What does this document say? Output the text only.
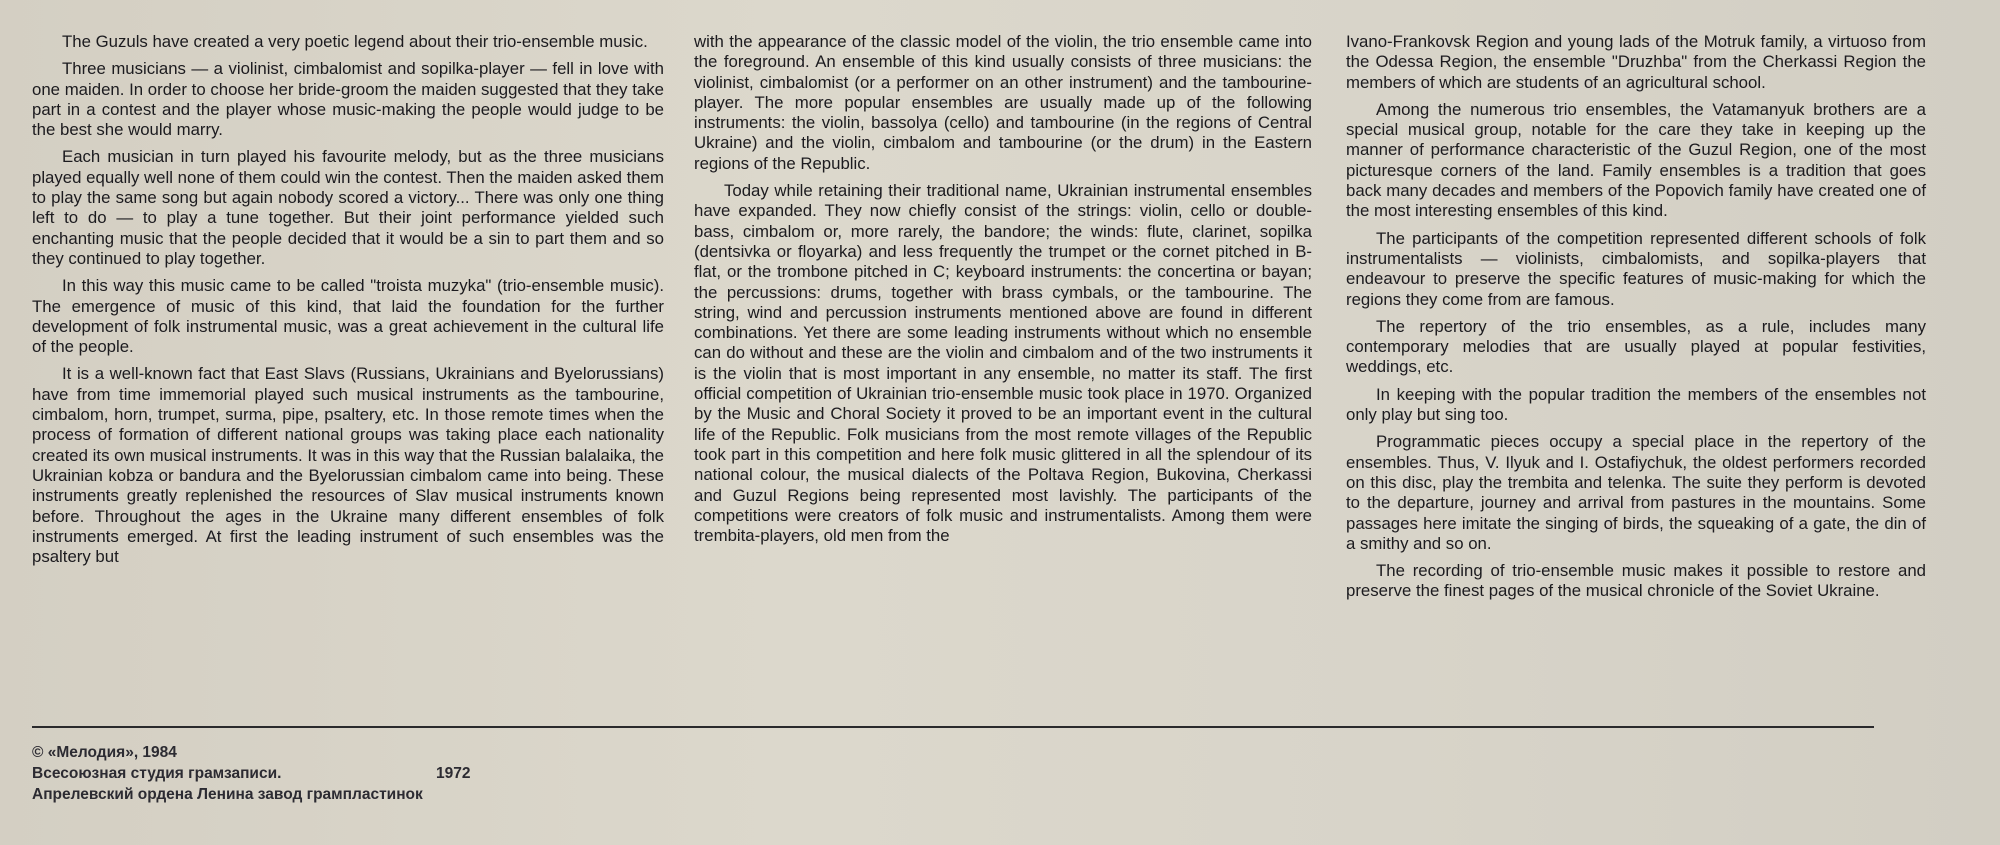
The Guzuls have created a very poetic legend about their trio-ensemble music.

Three musicians — a violinist, cimbalomist and sopilka-player — fell in love with one maiden. In order to choose her bride-groom the maiden suggested that they take part in a contest and the player whose music-making the people would judge to be the best she would marry.

Each musician in turn played his favourite melody, but as the three musicians played equally well none of them could win the contest. Then the maiden asked them to play the same song but again nobody scored a victory... There was only one thing left to do — to play a tune together. But their joint performance yielded such enchanting music that the people decided that it would be a sin to part them and so they continued to play together.

In this way this music came to be called "troista muzyka" (trio-ensemble music). The emergence of music of this kind, that laid the foundation for the further development of folk instrumental music, was a great achievement in the cultural life of the people.

It is a well-known fact that East Slavs (Russians, Ukrainians and Byelorussians) have from time immemorial played such musical instruments as the tambourine, cimbalom, horn, trumpet, surma, pipe, psaltery, etc. In those remote times when the process of formation of different national groups was taking place each nationality created its own musical instruments. It was in this way that the Russian balalaika, the Ukrainian kobza or bandura and the Byelorussian cimbalom came into being. These instruments greatly replenished the resources of Slav musical instruments known before. Throughout the ages in the Ukraine many different ensembles of folk instruments emerged. At first the leading instrument of such ensembles was the psaltery but

with the appearance of the classic model of the violin, the trio ensemble came into the foreground. An ensemble of this kind usually consists of three musicians: the violinist, cimbalomist (or a performer on an other instrument) and the tambourine-player. The more popular ensembles are usually made up of the following instruments: the violin, bassolya (cello) and tambourine (in the regions of Central Ukraine) and the violin, cimbalom and tambourine (or the drum) in the Eastern regions of the Republic.

Today while retaining their traditional name, Ukrainian instrumental ensembles have expanded. They now chiefly consist of the strings: violin, cello or double-bass, cimbalom or, more rarely, the bandore; the winds: flute, clarinet, sopilka (dentsivka or floyarka) and less frequently the trumpet or the cornet pitched in B-flat, or the trombone pitched in C; keyboard instruments: the concertina or bayan; the percussions: drums, together with brass cymbals, or the tambourine. The string, wind and percussion instruments mentioned above are found in different combinations. Yet there are some leading instruments without which no ensemble can do without and these are the violin and cimbalom and of the two instruments it is the violin that is most important in any ensemble, no matter its staff. The first official competition of Ukrainian trio-ensemble music took place in 1970. Organized by the Music and Choral Society it proved to be an important event in the cultural life of the Republic. Folk musicians from the most remote villages of the Republic took part in this competition and here folk music glittered in all the splendour of its national colour, the musical dialects of the Poltava Region, Bukovina, Cherkassi and Guzul Regions being represented most lavishly. The participants of the competitions were creators of folk music and instrumentalists. Among them were trembita-players, old men from the

Ivano-Frankovsk Region and young lads of the Motruk family, a virtuoso from the Odessa Region, the ensemble "Druzhba" from the Cherkassi Region the members of which are students of an agricultural school.

Among the numerous trio ensembles, the Vatamanyuk brothers are a special musical group, notable for the care they take in keeping up the manner of performance characteristic of the Guzul Region, one of the most picturesque corners of the land. Family ensembles is a tradition that goes back many decades and members of the Popovich family have created one of the most interesting ensembles of this kind.

The participants of the competition represented different schools of folk instrumentalists — violinists, cimbalomists, and sopilka-players that endeavour to preserve the specific features of music-making for which the regions they come from are famous.

The repertory of the trio ensembles, as a rule, includes many contemporary melodies that are usually played at popular festivities, weddings, etc.

In keeping with the popular tradition the members of the ensembles not only play but sing too.

Programmatic pieces occupy a special place in the repertоry of the ensembles. Thus, V. Ilyuk and I. Ostafiychuk, the oldest performers recorded on this disc, play the trembita and telenka. The suite they perform is devoted to the departure, journey and arrival from pastures in the mountains. Some passages here imitate the singing of birds, the squeaking of a gate, the din of a smithy and so on.

The recording of trio-ensemble music makes it possible to restore and preserve the finest pages of the musical chronicle of the Soviet Ukraine.

© «Мелодия», 1984
Всесоюзная студия грамзаписи.	1972
Апрелевский ордена Ленина завод грампластинок
